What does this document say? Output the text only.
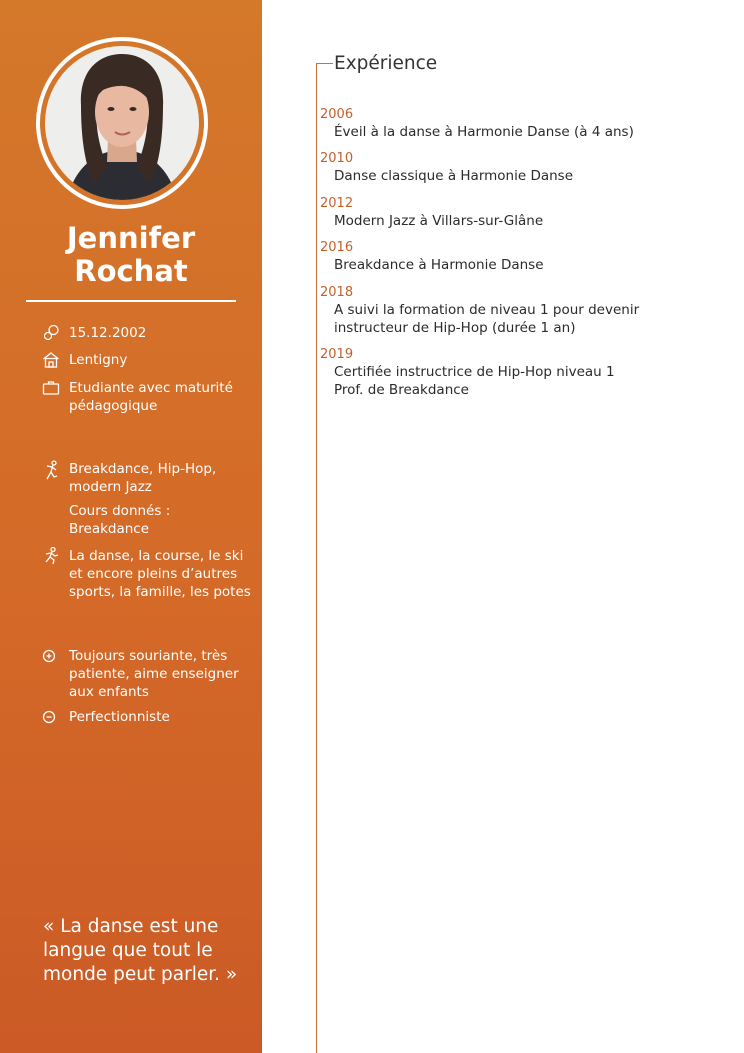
Jennifer
Rochat
15.12.2002
Lentigny
Etudiante avec maturité pédagogique
Breakdance, Hip-Hop, modern Jazz
Cours donnés : Breakdance
La danse, la course, le ski et encore pleins d’autres sports, la famille, les potes
Toujours souriante, très patiente, aime enseigner aux enfants
Perfectionniste
« La danse est une langue que tout le monde peut parler. »
Expérience
2006
Éveil à la danse à Harmonie Danse (à 4 ans)
2010
Danse classique à Harmonie Danse
2012
Modern Jazz à Villars-sur-Glâne
2016
Breakdance à Harmonie Danse
2018
A suivi la formation de niveau 1 pour devenir
instructeur de Hip-Hop (durée 1 an)
2019
Certifiée instructrice de Hip-Hop niveau 1
Prof. de Breakdance
